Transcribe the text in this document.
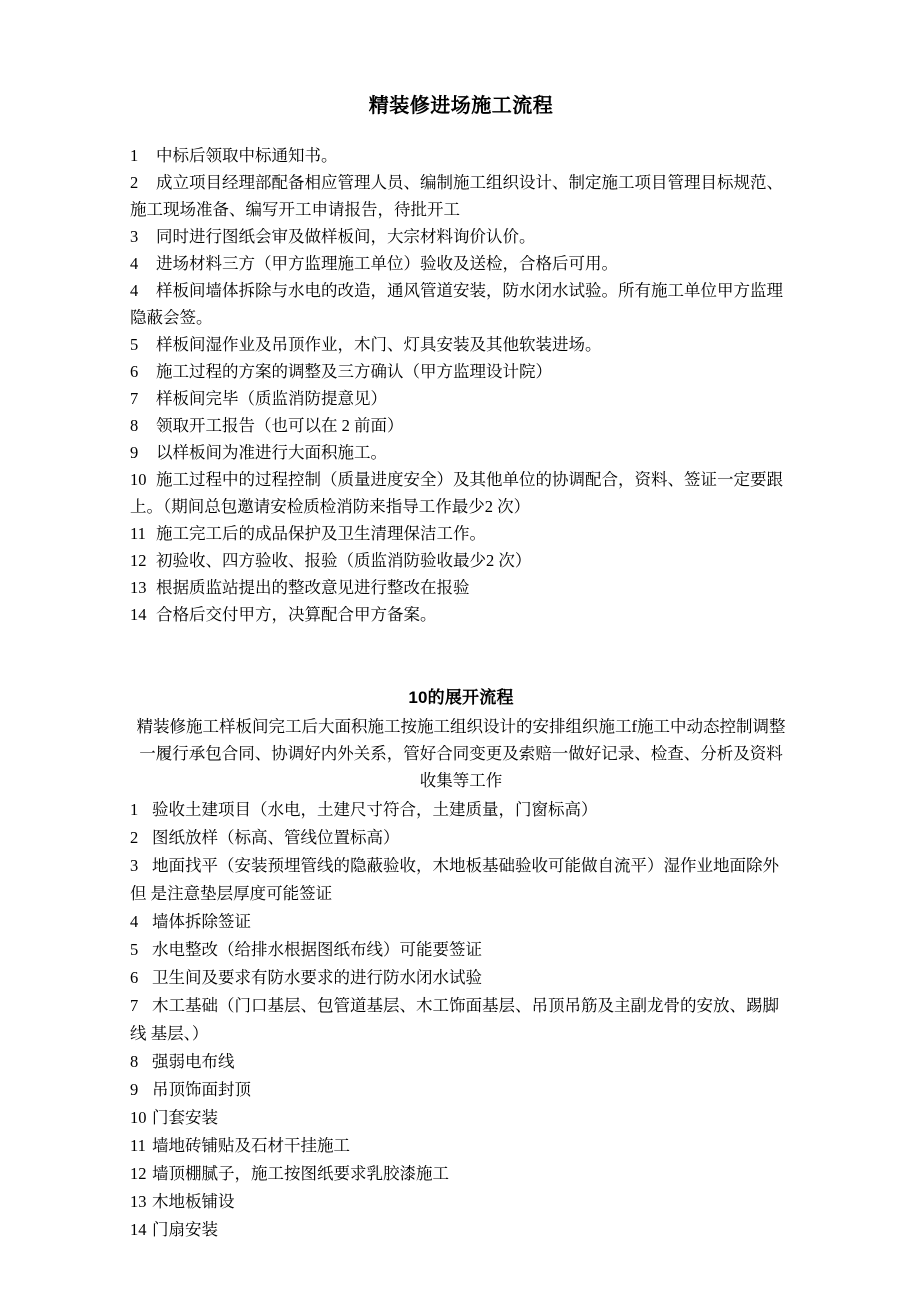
精装修进场施工流程
1 中标后领取中标通知书。
2 成立项目经理部配备相应管理人员、编制施工组织设计、制定施工项目管理目标规范、施工现场准备、编写开工申请报告，待批开工
3 同时进行图纸会审及做样板间，大宗材料询价认价。
4 进场材料三方（甲方监理施工单位）验收及送检，合格后可用。
4 样板间墙体拆除与水电的改造，通风管道安装，防水闭水试验。所有施工单位甲方监理隐蔽会签。
5 样板间湿作业及吊顶作业，木门、灯具安装及其他软装进场。
6 施工过程的方案的调整及三方确认（甲方监理设计院）
7 样板间完毕（质监消防提意见）
8 领取开工报告（也可以在 2 前面）
9 以样板间为准进行大面积施工。
10 施工过程中的过程控制（质量进度安全）及其他单位的协调配合，资料、签证一定要跟上。（期间总包邀请安检质检消防来指导工作最少2 次）
11 施工完工后的成品保护及卫生清理保洁工作。
12 初验收、四方验收、报验（质监消防验收最少2 次）
13 根据质监站提出的整改意见进行整改在报验
14 合格后交付甲方，决算配合甲方备案。
10的展开流程

精装修施工样板间完工后大面积施工按施工组织设计的安排组织施工f施工中动态控制调整一履行承包合同、协调好内外关系，管好合同变更及索赔一做好记录、检查、分析及资料
收集等工作

1 验收土建项目（水电，土建尺寸符合，土建质量，门窗标高）
2 图纸放样（标高、管线位置标高）
3 地面找平（安装预埋管线的隐蔽验收，木地板基础验收可能做自流平）湿作业地面除外但 是注意垫层厚度可能签证
4 墙体拆除签证
5 水电整改（给排水根据图纸布线）可能要签证
6 卫生间及要求有防水要求的进行防水闭水试验
7 木工基础（门口基层、包管道基层、木工饰面基层、吊顶吊筋及主副龙骨的安放、踢脚线 基层、）
8 强弱电布线
9 吊顶饰面封顶
10 门套安装
11 墙地砖铺贴及石材干挂施工
12 墙顶棚腻子，施工按图纸要求乳胶漆施工
13 木地板铺设
14 门扇安装
